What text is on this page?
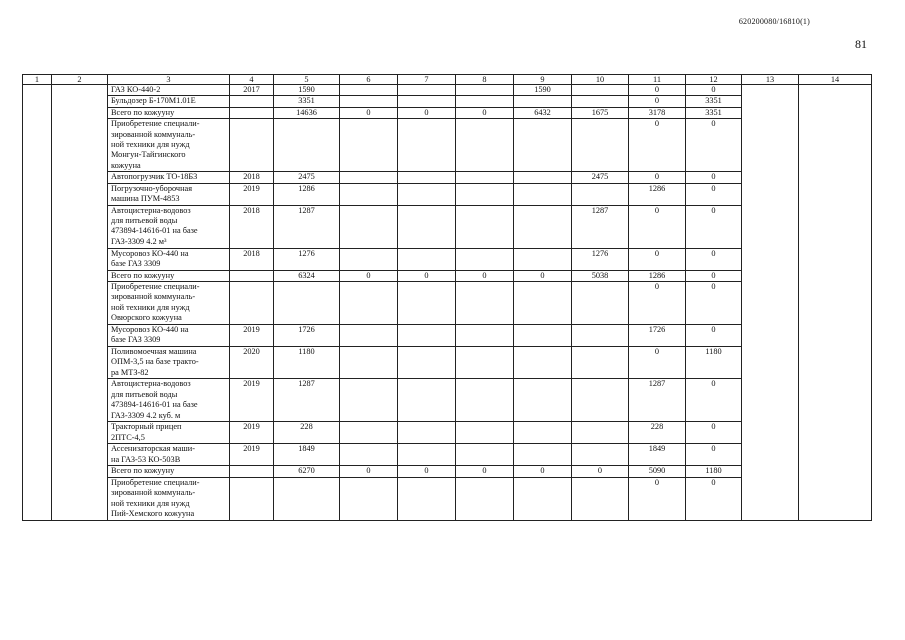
620200080/16810(1)
81
1	2	3	4	5	6	7	8	9	10	11	12	13	14
		ГАЗ КО-440-2	2017	1590				1590		0	0		
		Бульдозер Б-170М1.01Е		3351						0	3351		
		Всего по кожууну		14636	0	0	0	6432	1675	3178	3351		
		Приобретение специали-
зированной коммуналь-
ной техники для нужд
Монгун-Тайгинского
кожууна								0	0		
		Автопогрузчик ТО-18Б3	2018	2475					2475	0	0		
		Погрузочно-уборочная
машина ПУМ-4853	2019	1286						1286	0		
		Автоцистерна-водовоз
для питьевой воды
473894-14616-01 на базе
ГАЗ-3309 4.2 м³	2018	1287					1287	0	0		
		Мусоровоз КО-440 на
базе ГАЗ 3309	2018	1276					1276	0	0		
		Всего по кожууну		6324	0	0	0	0	5038	1286	0		
		Приобретение специали-
зированной коммуналь-
ной техники для нужд
Овюрского кожууна								0	0		
		Мусоровоз КО-440 на
базе ГАЗ 3309	2019	1726						1726	0		
		Поливомоечная машина
ОПМ-3,5 на базе тракто-
ра МТЗ-82	2020	1180						0	1180		
		Автоцистерна-водовоз
для питьевой воды
473894-14616-01 на базе
ГАЗ-3309 4.2 куб. м	2019	1287						1287	0		
		Тракторный прицеп
2ПТС-4,5	2019	228						228	0		
		Ассенизаторская маши-
на ГАЗ-53 КО-503В	2019	1849						1849	0		
		Всего по кожууну		6270	0	0	0	0	0	5090	1180		
		Приобретение специали-
зированной коммуналь-
ной техники для нужд
Пий-Хемского кожууна								0	0		
